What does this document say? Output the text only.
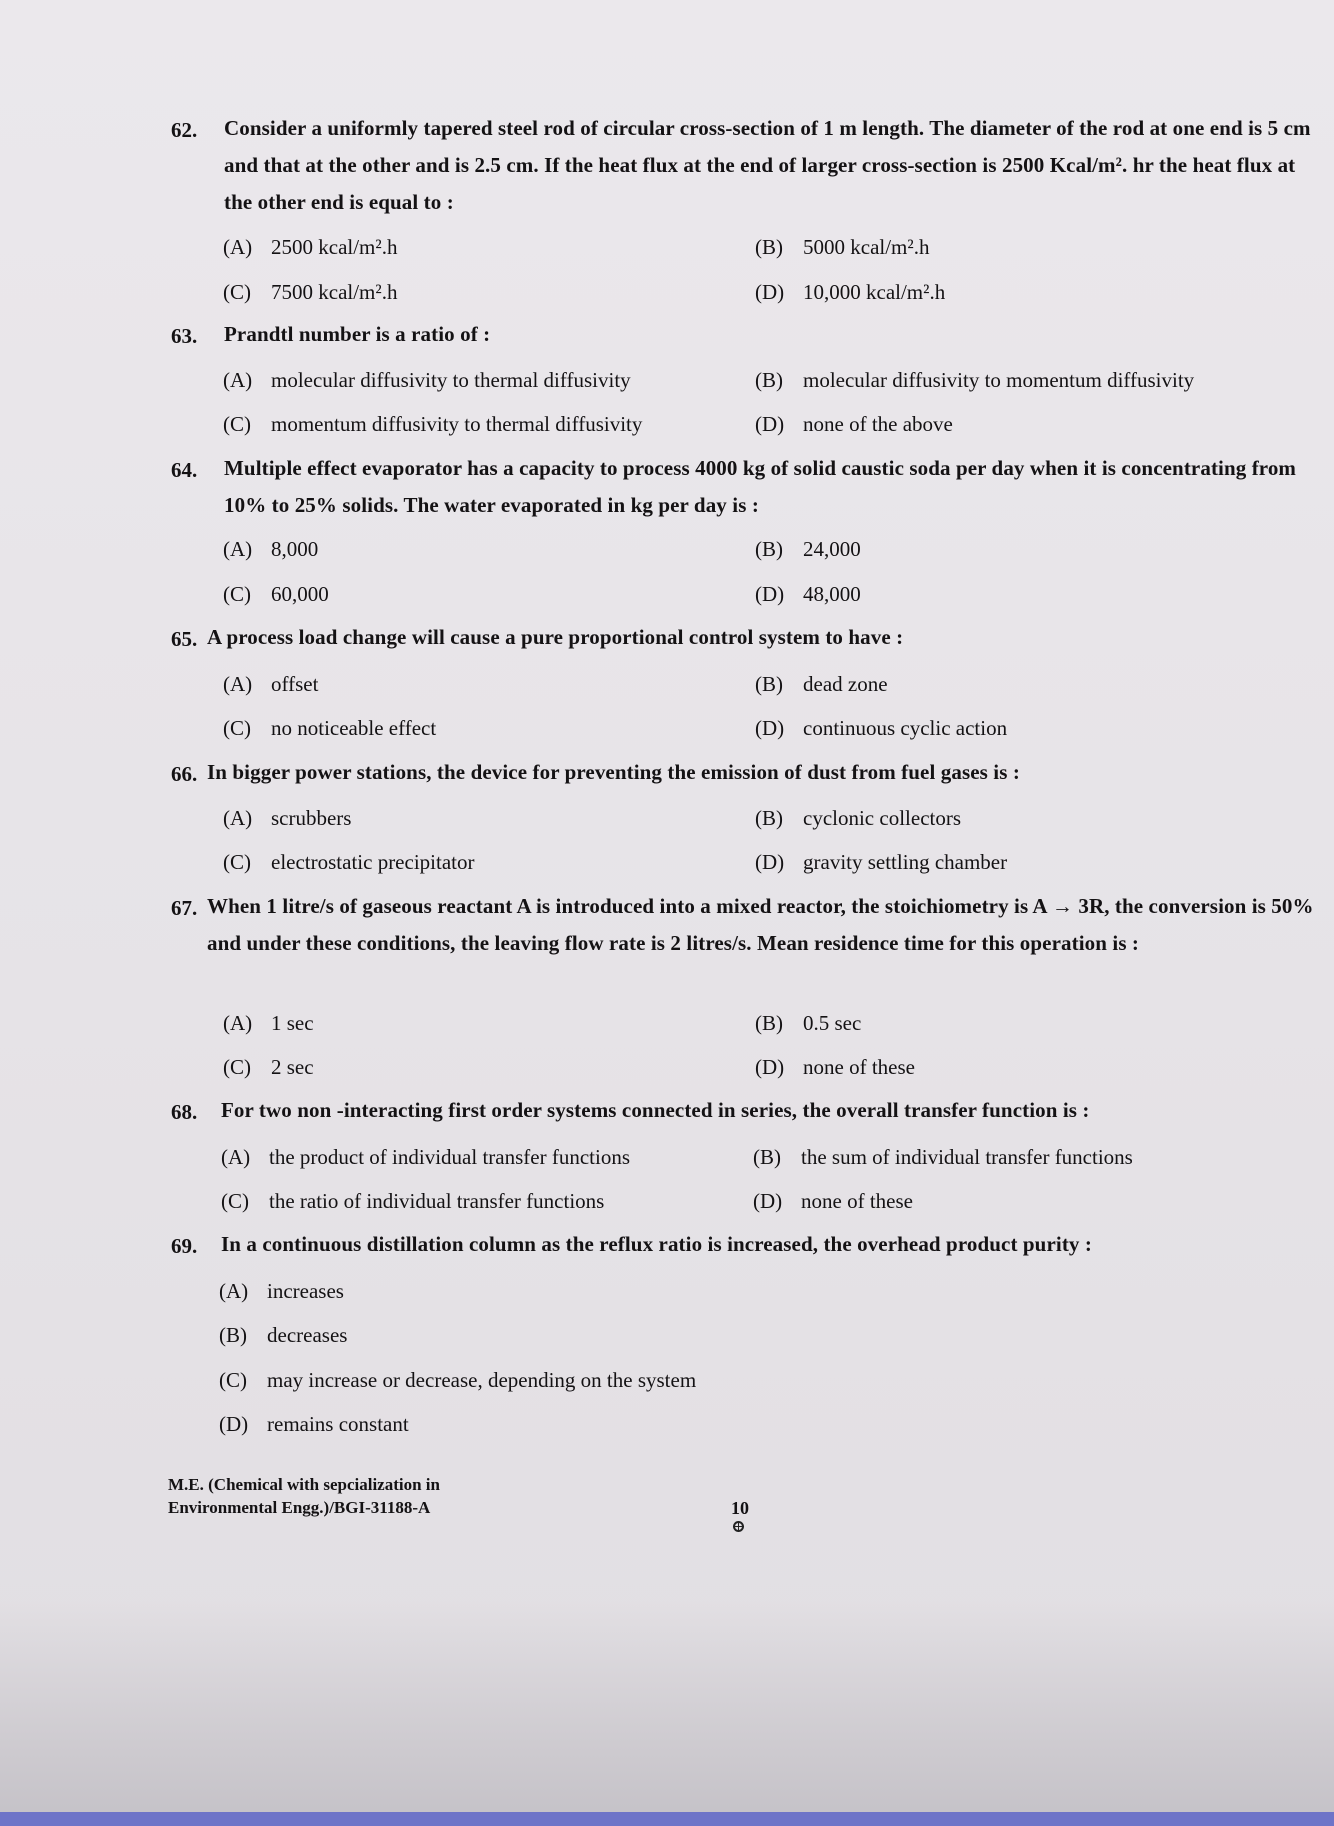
62. Consider a uniformly tapered steel rod of circular cross-section of 1 m length. The diameter of the rod at one end is 5 cm and that at the other and is 2.5 cm. If the heat flux at the end of larger cross-section is 2500 Kcal/m². hr the heat flux at the other end is equal to :
(A) 2500 kcal/m².h	(B) 5000 kcal/m².h
(C) 7500 kcal/m².h	(D) 10,000 kcal/m².h
63. Prandtl number is a ratio of :
(A) molecular diffusivity to thermal diffusivity	(B) molecular diffusivity to momentum diffusivity
(C) momentum diffusivity to thermal diffusivity	(D) none of the above
64. Multiple effect evaporator has a capacity to process 4000 kg of solid caustic soda per day when it is concentrating from 10% to 25% solids. The water evaporated in kg per day is :
(A) 8,000	(B) 24,000
(C) 60,000	(D) 48,000
65. A process load change will cause a pure proportional control system to have :
(A) offset	(B) dead zone
(C) no noticeable effect	(D) continuous cyclic action
66. In bigger power stations, the device for preventing the emission of dust from fuel gases is :
(A) scrubbers	(B) cyclonic collectors
(C) electrostatic precipitator	(D) gravity settling chamber
67. When 1 litre/s of gaseous reactant A is introduced into a mixed reactor, the stoichiometry is A → 3R, the conversion is 50% and under these conditions, the leaving flow rate is 2 litres/s. Mean residence time for this operation is :
(A) 1 sec	(B) 0.5 sec
(C) 2 sec	(D) none of these
68. For two non -interacting first order systems connected in series, the overall transfer function is :
(A) the product of individual transfer functions	(B) the sum of individual transfer functions
(C) the ratio of individual transfer functions	(D) none of these
69. In a continuous distillation column as the reflux ratio is increased, the overhead product purity :
(A) increases
(B) decreases
(C) may increase or decrease, depending on the system
(D) remains constant
M.E. (Chemical with sepcialization in
Environmental Engg.)/BGI-31188-A	10
